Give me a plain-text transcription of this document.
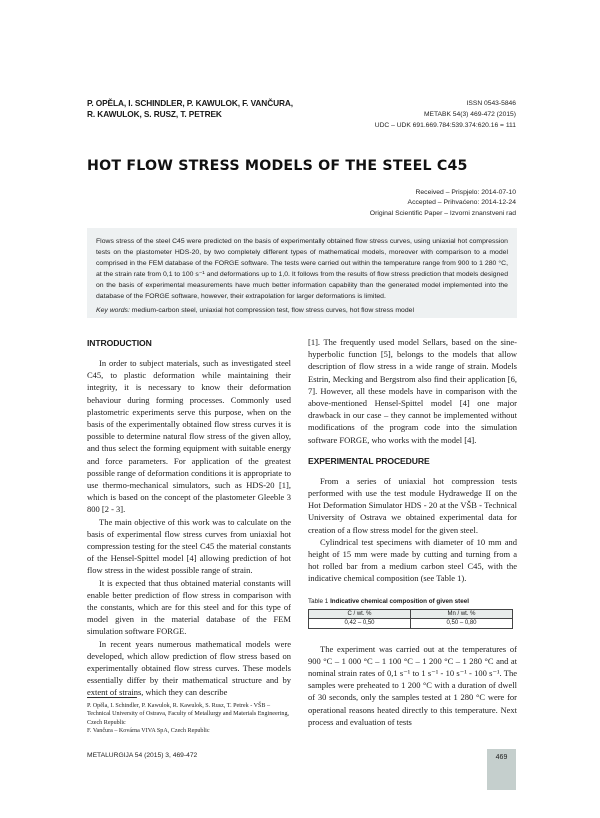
P. OPĚLA, I. SCHINDLER, P. KAWULOK, F. VANČURA,
R. KAWULOK, S. RUSZ, T. PETREK
ISSN 0543-5846
METABK 54(3) 469-472 (2015)
UDC – UDK 691.669.784:539.374:620.16 = 111
HOT FLOW STRESS MODELS OF THE STEEL C45
Received – Prispjelo: 2014-07-10
Accepted – Prihvaćeno: 2014-12-24
Original Scientific Paper – Izvorni znanstveni rad

Flows stress of the steel C45 were predicted on the basis of experimentally obtained flow stress curves, using uniaxial hot compression tests on the plastometer HDS-20, by two completely different types of mathematical models, moreover with comparison to a model comprised in the FEM database of the FORGE software. The tests were carried out within the temperature range from 900 to 1 280 °C, at the strain rate from 0,1 to 100 s⁻¹ and deformations up to 1,0. It follows from the results of flow stress prediction that models designed on the basis of experimental measurements have much better information capability than the generated model implemented into the database of the FORGE software, however, their extrapolation for larger deformations is limited.

Key words: medium-carbon steel, uniaxial hot compression test, flow stress curves, hot flow stress model

INTRODUCTION

In order to subject materials, such as investigated steel C45, to plastic deformation while maintaining their integrity, it is necessary to know their deformation behaviour during forming processes. Commonly used plastometric experiments serve this purpose, when on the basis of the experimentally obtained flow stress curves it is possible to determine natural flow stress of the given alloy, and thus select the forming equipment with suitable energy and force parameters. For application of the greatest possible range of deformation conditions it is appropriate to use thermo-mechanical simulators, such as HDS-20 [1], which is based on the concept of the plastometer Gleeble 3 800 [2 - 3].

The main objective of this work was to calculate on the basis of experimental flow stress curves from uniaxial hot compression testing for the steel C45 the material constants of the Hensel-Spittel model [4] allowing prediction of hot flow stress in the widest possible range of strain.

It is expected that thus obtained material constants will enable better prediction of flow stress in comparison with the constants, which are for this steel and for this type of model given in the material database of the FEM simulation software FORGE.

In recent years numerous mathematical models were developed, which allow prediction of flow stress based on experimentally obtained flow stress curves. These models essentially differ by their mathematical structure and by extent of strains, which they can describe

[1]. The frequently used model Sellars, based on the sine-hyperbolic function [5], belongs to the models that allow description of flow stress in a wide range of strain. Models Estrin, Mecking and Bergstrom also find their application [6, 7]. However, all these models have in comparison with the above-mentioned Hensel-Spittel model [4] one major drawback in our case – they cannot be implemented without modifications of the program code into the simulation software FORGE, who works with the model [4].

EXPERIMENTAL PROCEDURE

From a series of uniaxial hot compression tests performed with use the test module Hydrawedge II on the Hot Deformation Simulator HDS - 20 at the VŠB - Technical University of Ostrava we obtained experimental data for creation of a flow stress model for the given steel.

Cylindrical test specimens with diameter of 10 mm and height of 15 mm were made by cutting and turning from a hot rolled bar from a medium carbon steel C45, with the indicative chemical composition (see Table 1).

Table 1 Indicative chemical composition of given steel
C / wt. %	Mn / wt. %
0,42 – 0,50	0,50 – 0,80

The experiment was carried out at the temperatures of 900 °C – 1 000 °C – 1 100 °C – 1 200 °C – 1 280 °C and at nominal strain rates of 0,1 s⁻¹ to 1 s⁻¹ - 10 s⁻¹ - 100 s⁻¹. The samples were preheated to 1 200 °C with a duration of dwell of 30 seconds, only the samples tested at 1 280 °C were for operational reasons heated directly to this temperature. Next process and evaluation of tests

P. Opěla, I. Schindler, P. Kawulok, R. Kawulok, S. Rusz, T. Petrek - VŠB – Technical University of Ostrava, Faculty of Metallurgy and Materials Engineering, Czech Republic
F. Vančura – Kovárna VIVA SpA, Czech Republic
METALURGIJA 54 (2015) 3, 469-472	469
